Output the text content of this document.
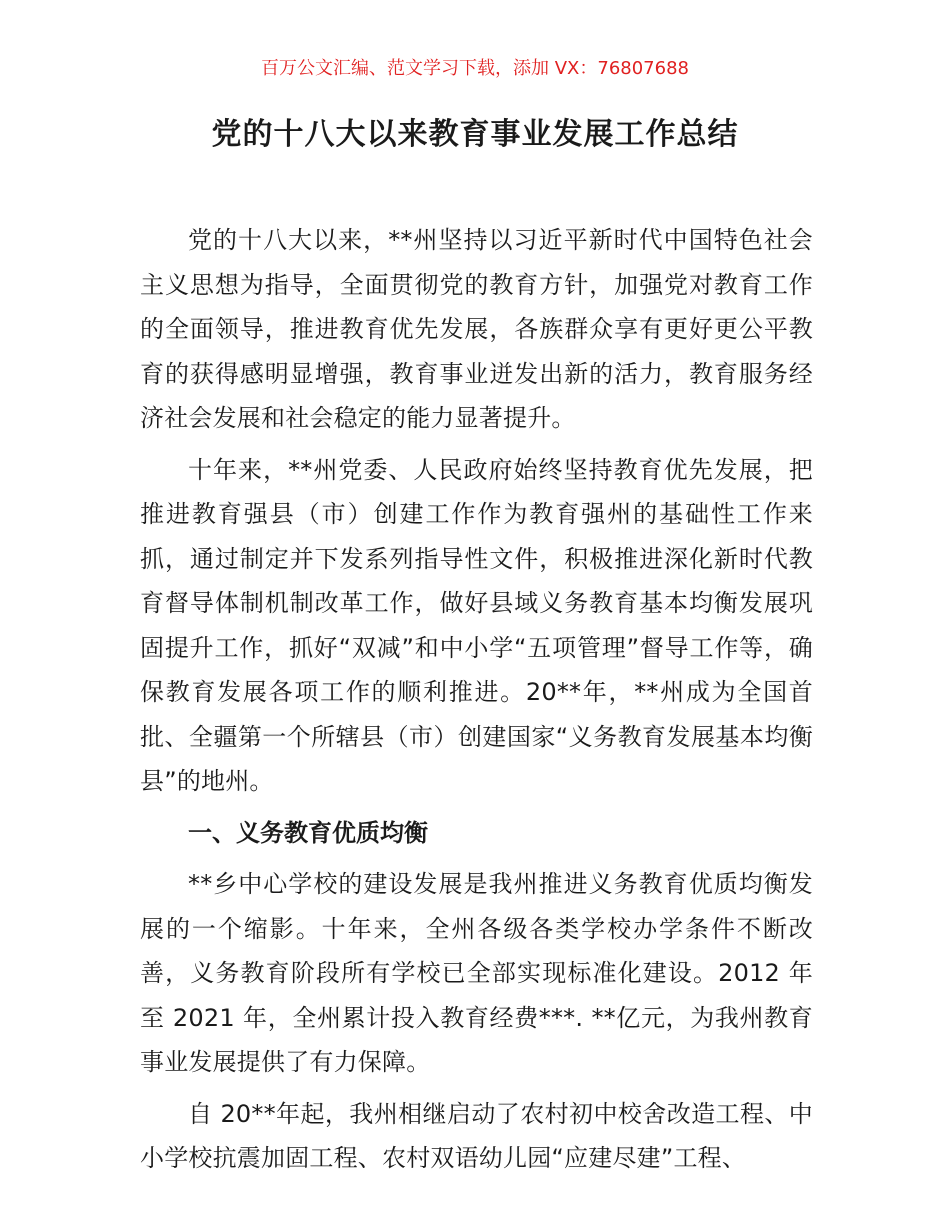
百万公文汇编、范文学习下载，添加 VX：76807688
党的十八大以来教育事业发展工作总结

党的十八大以来，**州坚持以习近平新时代中国特色社会主义思想为指导，全面贯彻党的教育方针，加强党对教育工作的全面领导，推进教育优先发展，各族群众享有更好更公平教育的获得感明显增强，教育事业迸发出新的活力，教育服务经济社会发展和社会稳定的能力显著提升。

十年来，**州党委、人民政府始终坚持教育优先发展，把推进教育强县（市）创建工作作为教育强州的基础性工作来抓，通过制定并下发系列指导性文件，积极推进深化新时代教育督导体制机制改革工作，做好县域义务教育基本均衡发展巩固提升工作，抓好“双减”和中小学“五项管理”督导工作等，确保教育发展各项工作的顺利推进。20**年，**州成为全国首批、全疆第一个所辖县（市）创建国家“义务教育发展基本均衡县”的地州。

一、义务教育优质均衡

**乡中心学校的建设发展是我州推进义务教育优质均衡发展的一个缩影。十年来，全州各级各类学校办学条件不断改善，义务教育阶段所有学校已全部实现标准化建设。2012 年至 2021 年，全州累计投入教育经费***. **亿元，为我州教育事业发展提供了有力保障。

自 20**年起，我州相继启动了农村初中校舍改造工程、中小学校抗震加固工程、农村双语幼儿园“应建尽建”工程、
